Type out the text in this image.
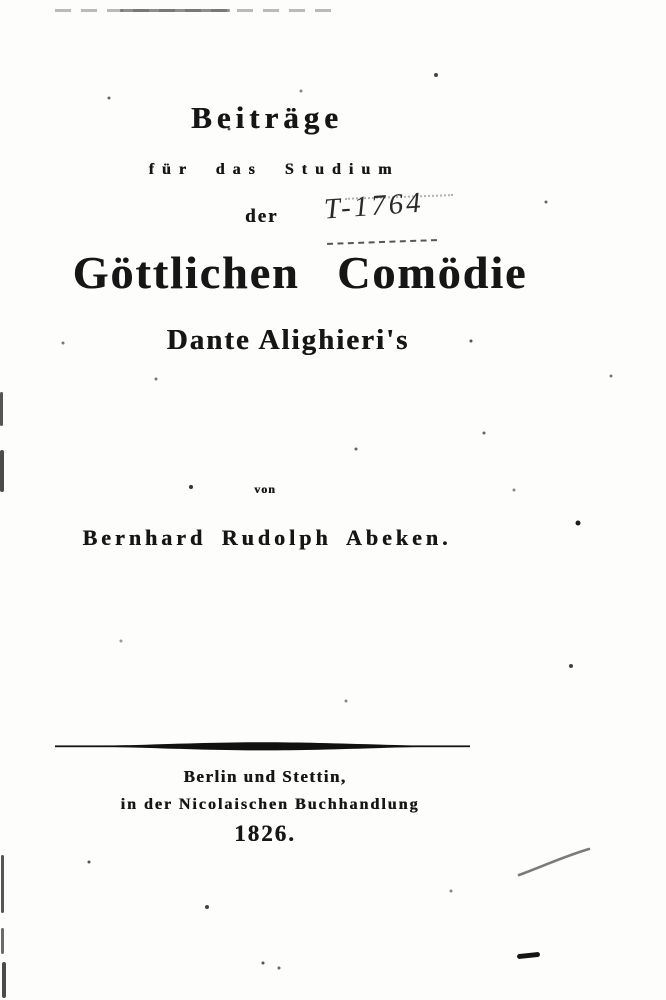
Beiträge
für das Studium
der T-1764
Göttlichen Comödie
Dante Alighieri's
von
Bernhard Rudolph Abeken.
Berlin und Stettin,
in der Nicolaischen Buchhandlung
1826.
